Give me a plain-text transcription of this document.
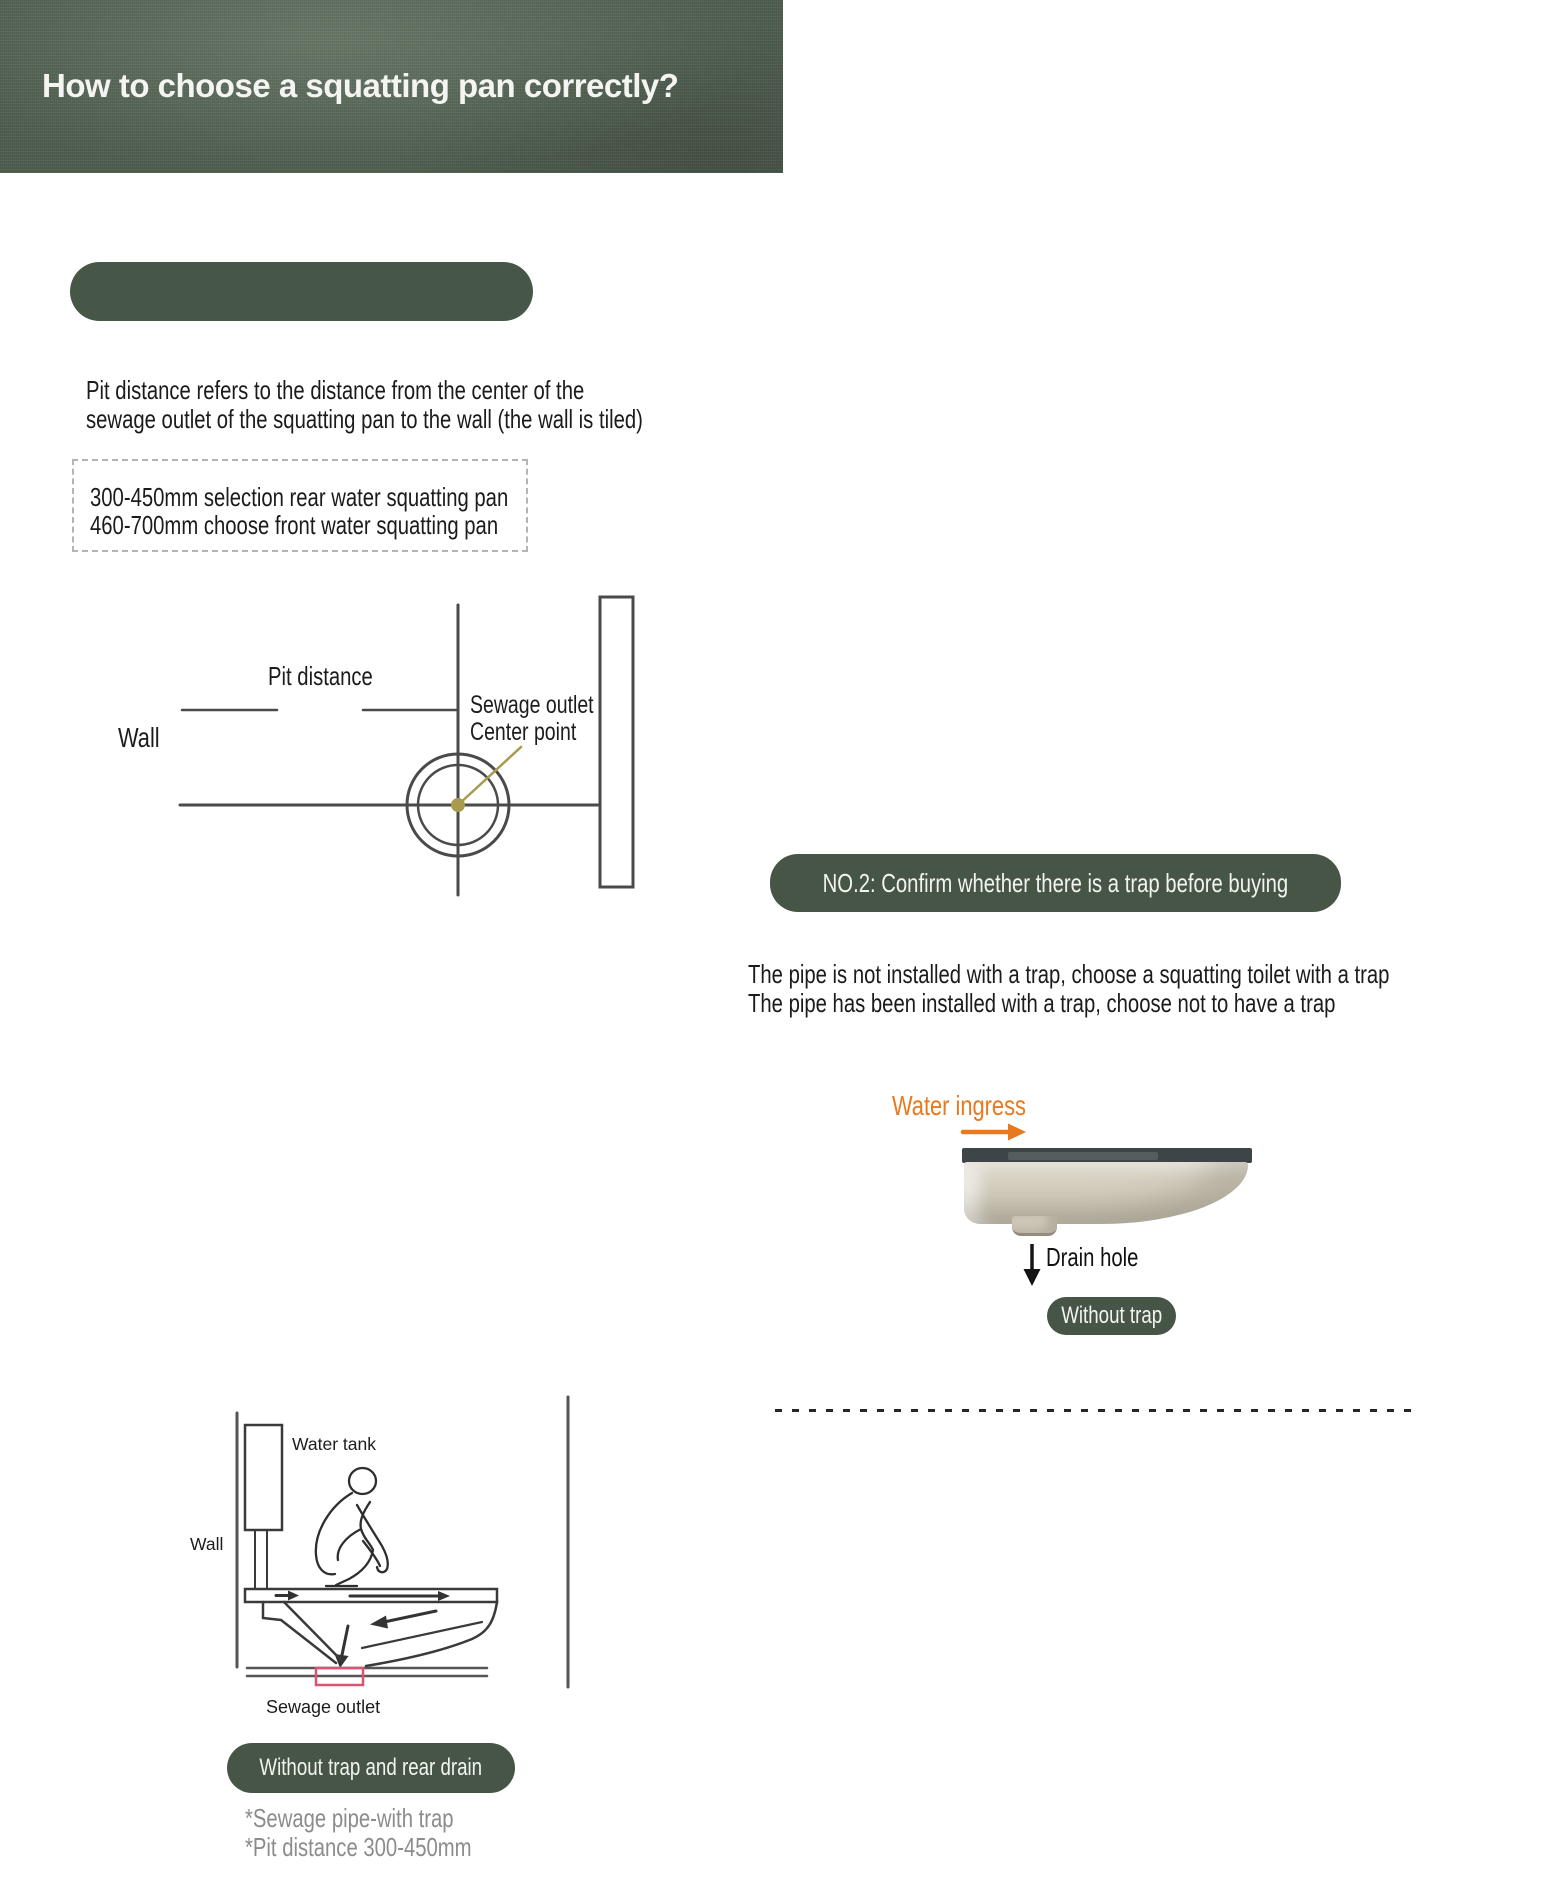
How to choose a squatting pan correctly?
Pit distance refers to the distance from the center of the
sewage outlet of the squatting pan to the wall (the wall is tiled)
300-450mm selection rear water squatting pan
460-700mm choose front water squatting pan
Pit distance
Wall
Sewage outlet
Center point
NO.2: Confirm whether there is a trap before buying
The pipe is not installed with a trap, choose a squatting toilet with a trap
The pipe has been installed with a trap, choose not to have a trap
Water ingress
Drain hole
Without trap
Water tank
Wall
Sewage outlet
Without trap and rear drain
*Sewage pipe-with trap
*Pit distance 300-450mm
